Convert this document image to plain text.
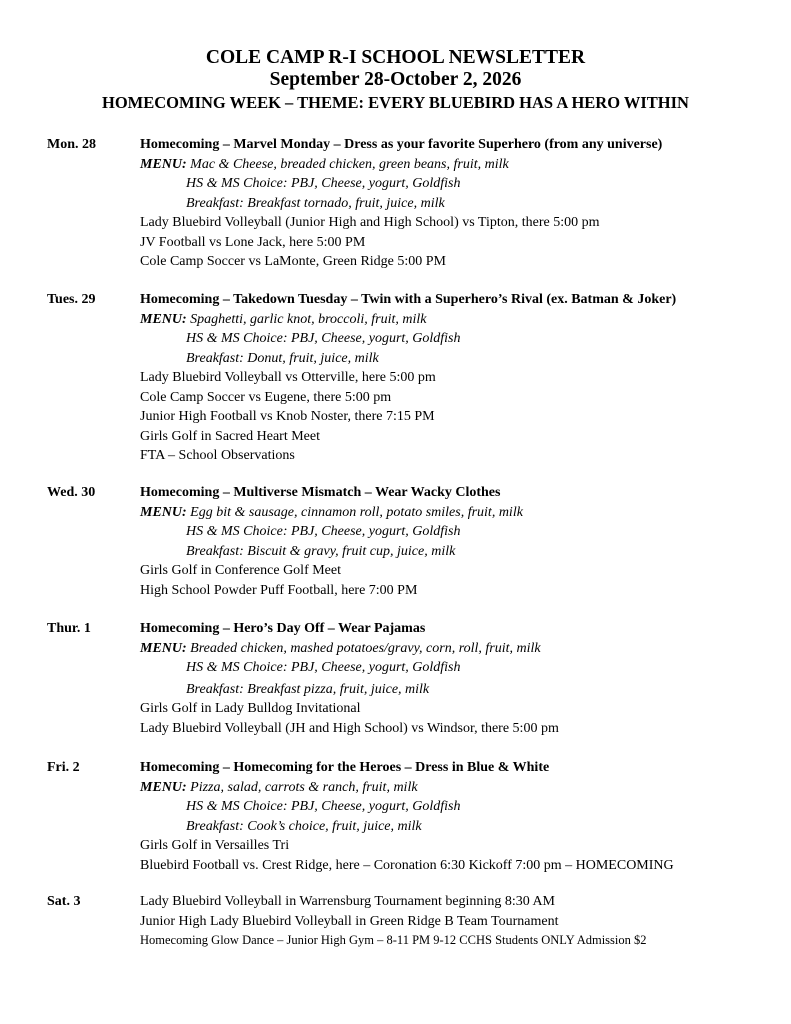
COLE CAMP R-I SCHOOL NEWSLETTER
September 28-October 2, 2026
HOMECOMING WEEK – THEME: EVERY BLUEBIRD HAS A HERO WITHIN
Mon. 28	Homecoming – Marvel Monday – Dress as your favorite Superhero (from any universe)
MENU: Mac & Cheese, breaded chicken, green beans, fruit, milk
HS & MS Choice: PBJ, Cheese, yogurt, Goldfish
Breakfast: Breakfast tornado, fruit, juice, milk
Lady Bluebird Volleyball (Junior High and High School) vs Tipton, there 5:00 pm
JV Football vs Lone Jack, here 5:00 PM
Cole Camp Soccer vs LaMonte, Green Ridge 5:00 PM
Tues. 29	Homecoming – Takedown Tuesday – Twin with a Superhero’s Rival (ex. Batman & Joker)
MENU: Spaghetti, garlic knot, broccoli, fruit, milk
HS & MS Choice: PBJ, Cheese, yogurt, Goldfish
Breakfast: Donut, fruit, juice, milk
Lady Bluebird Volleyball vs Otterville, here 5:00 pm
Cole Camp Soccer vs Eugene, there 5:00 pm
Junior High Football vs Knob Noster, there 7:15 PM
Girls Golf in Sacred Heart Meet
FTA – School Observations
Wed. 30	Homecoming – Multiverse Mismatch – Wear Wacky Clothes
MENU: Egg bit & sausage, cinnamon roll, potato smiles, fruit, milk
HS & MS Choice: PBJ, Cheese, yogurt, Goldfish
Breakfast: Biscuit & gravy, fruit cup, juice, milk
Girls Golf in Conference Golf Meet
High School Powder Puff Football, here 7:00 PM
Thur. 1	Homecoming – Hero’s Day Off – Wear Pajamas
MENU: Breaded chicken, mashed potatoes/gravy, corn, roll, fruit, milk
HS & MS Choice: PBJ, Cheese, yogurt, Goldfish
Breakfast: Breakfast pizza, fruit, juice, milk
Girls Golf in Lady Bulldog Invitational
Lady Bluebird Volleyball (JH and High School) vs Windsor, there 5:00 pm
Fri. 2	Homecoming – Homecoming for the Heroes – Dress in Blue & White
MENU: Pizza, salad, carrots & ranch, fruit, milk
HS & MS Choice: PBJ, Cheese, yogurt, Goldfish
Breakfast: Cook’s choice, fruit, juice, milk
Girls Golf in Versailles Tri
Bluebird Football vs. Crest Ridge, here – Coronation 6:30 Kickoff 7:00 pm – HOMECOMING
Sat. 3	Lady Bluebird Volleyball in Warrensburg Tournament beginning 8:30 AM
Junior High Lady Bluebird Volleyball in Green Ridge B Team Tournament
Homecoming Glow Dance – Junior High Gym – 8-11 PM 9-12 CCHS Students ONLY Admission $2
